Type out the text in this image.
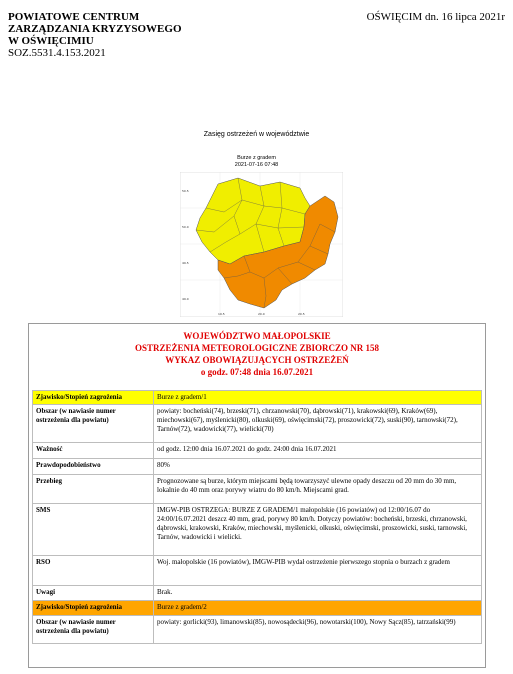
POWIATOWE CENTRUM
ZARZĄDZANIA KRYZYSOWEGO
W OŚWIĘCIMIU
SOZ.5531.4.153.2021
OŚWIĘCIM dn. 16 lipca 2021r
Zasięg ostrzeżeń w województwie
Burze z gradem
2021-07-16 07:48
50.5
50.0
49.5
49.0
19.5	20.0	20.5
WOJEWÓDZTWO MAŁOPOLSKIE
OSTRZEŻENIA METEOROLOGICZNE ZBIORCZO NR 158
WYKAZ OBOWIĄZUJĄCYCH OSTRZEŻEŃ
o godz. 07:48 dnia 16.07.2021
Zjawisko/Stopień zagrożenia	Burze z gradem/1
Obszar (w nawiasie numer ostrzeżenia dla powiatu)	powiaty: bocheński(74), brzeski(71), chrzanowski(70), dąbrowski(71), krakowski(69), Kraków(69), miechowski(67), myślenicki(80), olkuski(69), oświęcimski(72), proszowicki(72), suski(90), tarnowski(72), Tarnów(72), wadowicki(77), wielicki(70)
Ważność	od godz. 12:00 dnia 16.07.2021 do godz. 24:00 dnia 16.07.2021
Prawdopodobieństwo	80%
Przebieg	Prognozowane są burze, którym miejscami będą towarzyszyć ulewne opady deszczu od 20 mm do 30 mm, lokalnie do 40 mm oraz porywy wiatru do 80 km/h. Miejscami grad.
SMS	IMGW-PIB OSTRZEGA: BURZE Z GRADEM/1 małopolskie (16 powiatów) od 12:00/16.07 do 24:00/16.07.2021 deszcz 40 mm, grad, porywy 80 km/h. Dotyczy powiatów: bocheński, brzeski, chrzanowski, dąbrowski, krakowski, Kraków, miechowski, myślenicki, olkuski, oświęcimski, proszowicki, suski, tarnowski, Tarnów, wadowicki i wielicki.
RSO	Woj. małopolskie (16 powiatów), IMGW-PIB wydał ostrzeżenie pierwszego stopnia o burzach z gradem
Uwagi	Brak.
Zjawisko/Stopień zagrożenia	Burze z gradem/2
Obszar (w nawiasie numer ostrzeżenia dla powiatu)	powiaty: gorlicki(93), limanowski(85), nowosądecki(96), nowotarski(100), Nowy Sącz(85), tatrzański(99)
